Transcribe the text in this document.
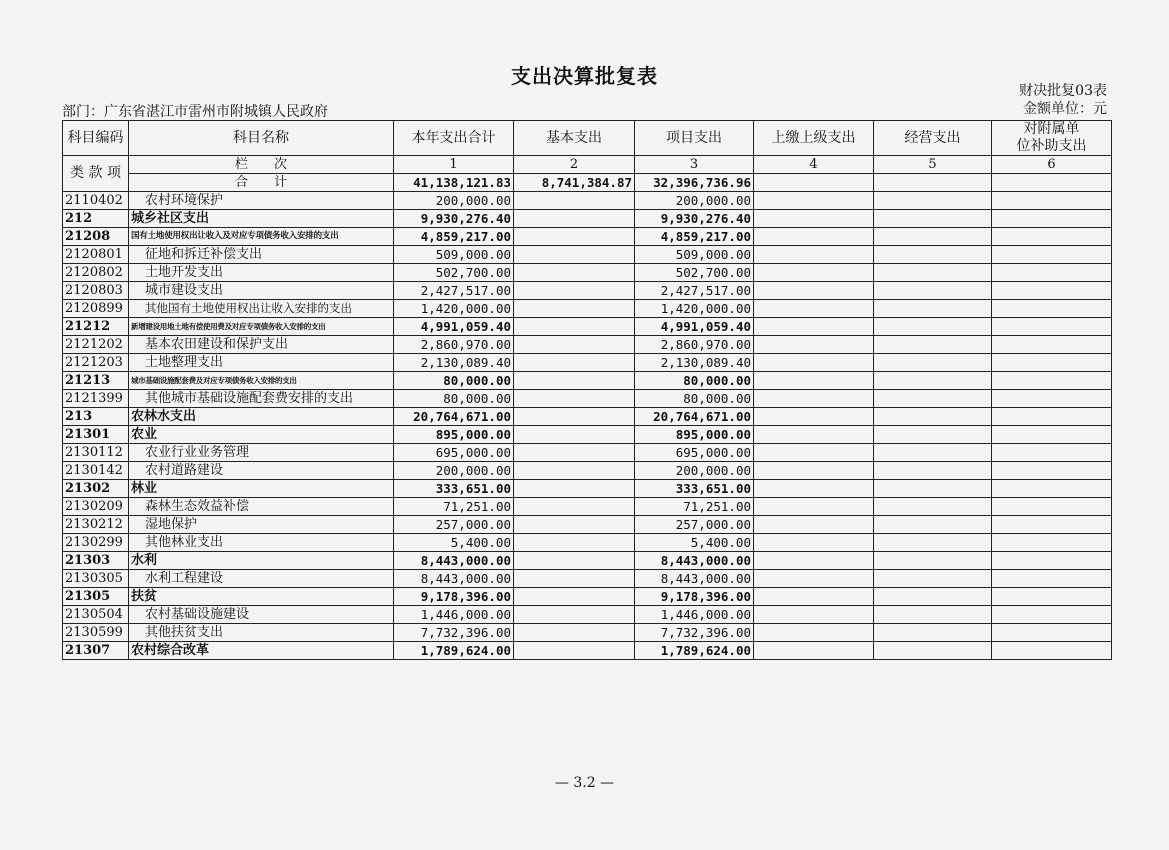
支出决算批复表
财决批复03表
金额单位：元
部门：广东省湛江市雷州市附城镇人民政府
科目编码	科目名称	本年支出合计	基本支出	项目支出	上缴上级支出	经营支出	对附属单
位补助支出
类 款 项	栏　　次	1	2	3	4	5	6
	合　　计	41,138,121.83	8,741,384.87	32,396,736.96			
2110402	农村环境保护	200,000.00		200,000.00			
212	城乡社区支出	9,930,276.40		9,930,276.40			
21208	国有土地使用权出让收入及对应专项债务收入安排的支出	4,859,217.00		4,859,217.00			
2120801	征地和拆迁补偿支出	509,000.00		509,000.00			
2120802	土地开发支出	502,700.00		502,700.00			
2120803	城市建设支出	2,427,517.00		2,427,517.00			
2120899	其他国有土地使用权出让收入安排的支出	1,420,000.00		1,420,000.00			
21212	新增建设用地土地有偿使用费及对应专项债务收入安排的支出	4,991,059.40		4,991,059.40			
2121202	基本农田建设和保护支出	2,860,970.00		2,860,970.00			
2121203	土地整理支出	2,130,089.40		2,130,089.40			
21213	城市基础设施配套费及对应专项债务收入安排的支出	80,000.00		80,000.00			
2121399	其他城市基础设施配套费安排的支出	80,000.00		80,000.00			
213	农林水支出	20,764,671.00		20,764,671.00			
21301	农业	895,000.00		895,000.00			
2130112	农业行业业务管理	695,000.00		695,000.00			
2130142	农村道路建设	200,000.00		200,000.00			
21302	林业	333,651.00		333,651.00			
2130209	森林生态效益补偿	71,251.00		71,251.00			
2130212	湿地保护	257,000.00		257,000.00			
2130299	其他林业支出	5,400.00		5,400.00			
21303	水利	8,443,000.00		8,443,000.00			
2130305	水利工程建设	8,443,000.00		8,443,000.00			
21305	扶贫	9,178,396.00		9,178,396.00			
2130504	农村基础设施建设	1,446,000.00		1,446,000.00			
2130599	其他扶贫支出	7,732,396.00		7,732,396.00			
21307	农村综合改革	1,789,624.00		1,789,624.00			
— 3.2 —
